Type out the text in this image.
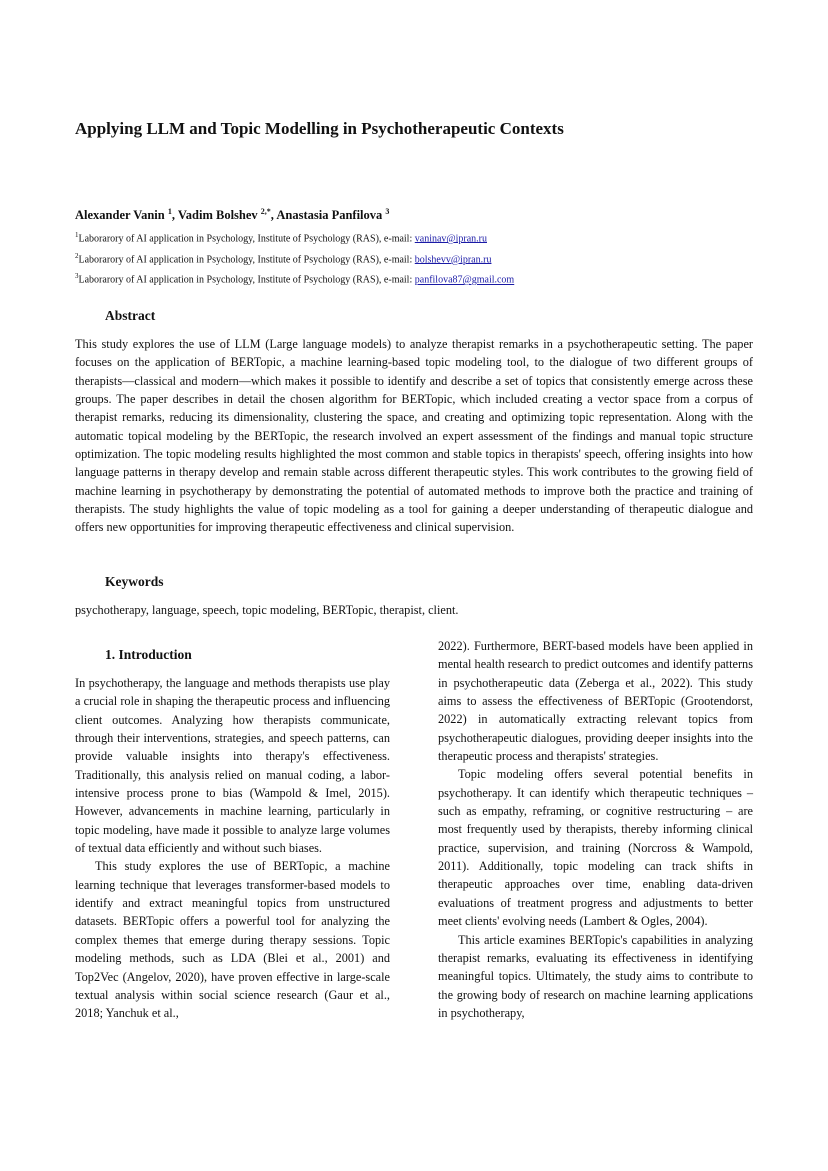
Applying LLM and Topic Modelling in Psychotherapeutic Contexts
Alexander Vanin $^1$, Vadim Bolshev $^{2,*}$, Anastasia Panfilova $^3$
$^1$Laborarory of AI application in Psychology, Institute of Psychology (RAS), e-mail: vaninav@ipran.ru
$^2$Laborarory of AI application in Psychology, Institute of Psychology (RAS), e-mail: bolshevv@ipran.ru
$^3$Laborarory of AI application in Psychology, Institute of Psychology (RAS), e-mail: panfilova87@gmail.com
Abstract

This study explores the use of LLM (Large language models) to analyze therapist remarks in a psychotherapeutic setting. The paper focuses on the application of BERTopic, a machine learning-based topic modeling tool, to the dialogue of two different groups of therapists—classical and modern—which makes it possible to identify and describe a set of topics that consistently emerge across these groups. The paper describes in detail the chosen algorithm for BERTopic, which included creating a vector space from a corpus of therapist remarks, reducing its dimensionality, clustering the space, and creating and optimizing topic representation. Along with the automatic topical modeling by the BERTopic, the research involved an expert assessment of the findings and manual topic structure optimization. The topic modeling results highlighted the most common and stable topics in therapists' speech, offering insights into how language patterns in therapy develop and remain stable across different therapeutic styles. This work contributes to the growing field of machine learning in psychotherapy by demonstrating the potential of automated methods to improve both the practice and training of therapists. The study highlights the value of topic modeling as a tool for gaining a deeper understanding of therapeutic dialogue and offers new opportunities for improving therapeutic effectiveness and clinical supervision.

Keywords

psychotherapy, language, speech, topic modeling, BERTopic, therapist, client.

1. Introduction

In psychotherapy, the language and methods therapists use play a crucial role in shaping the therapeutic process and influencing client outcomes. Analyzing how therapists communicate, through their interventions, strategies, and speech patterns, can provide valuable insights into therapy's effectiveness. Traditionally, this analysis relied on manual coding, a labor-intensive process prone to bias (Wampold & Imel, 2015). However, advancements in machine learning, particularly in topic modeling, have made it possible to analyze large volumes of textual data efficiently and without such biases.

This study explores the use of BERTopic, a machine learning technique that leverages transformer-based models to identify and extract meaningful topics from unstructured datasets. BERTopic offers a powerful tool for analyzing the complex themes that emerge during therapy sessions. Topic modeling methods, such as LDA (Blei et al., 2001) and Top2Vec (Angelov, 2020), have proven effective in large-scale textual analysis within social science research (Gaur et al., 2018; Yanchuk et al.,

2022). Furthermore, BERT-based models have been applied in mental health research to predict outcomes and identify patterns in psychotherapeutic data (Zeberga et al., 2022). This study aims to assess the effectiveness of BERTopic (Grootendorst, 2022) in automatically extracting relevant topics from psychotherapeutic dialogues, providing deeper insights into the therapeutic process and therapists' strategies.

Topic modeling offers several potential benefits in psychotherapy. It can identify which therapeutic techniques – such as empathy, reframing, or cognitive restructuring – are most frequently used by therapists, thereby informing clinical practice, supervision, and training (Norcross & Wampold, 2011). Additionally, topic modeling can track shifts in therapeutic approaches over time, enabling data-driven evaluations of treatment progress and adjustments to better meet clients' evolving needs (Lambert & Ogles, 2004).

This article examines BERTopic's capabilities in analyzing therapist remarks, evaluating its effectiveness in identifying meaningful topics. Ultimately, the study aims to contribute to the growing body of research on machine learning applications in psychotherapy,
